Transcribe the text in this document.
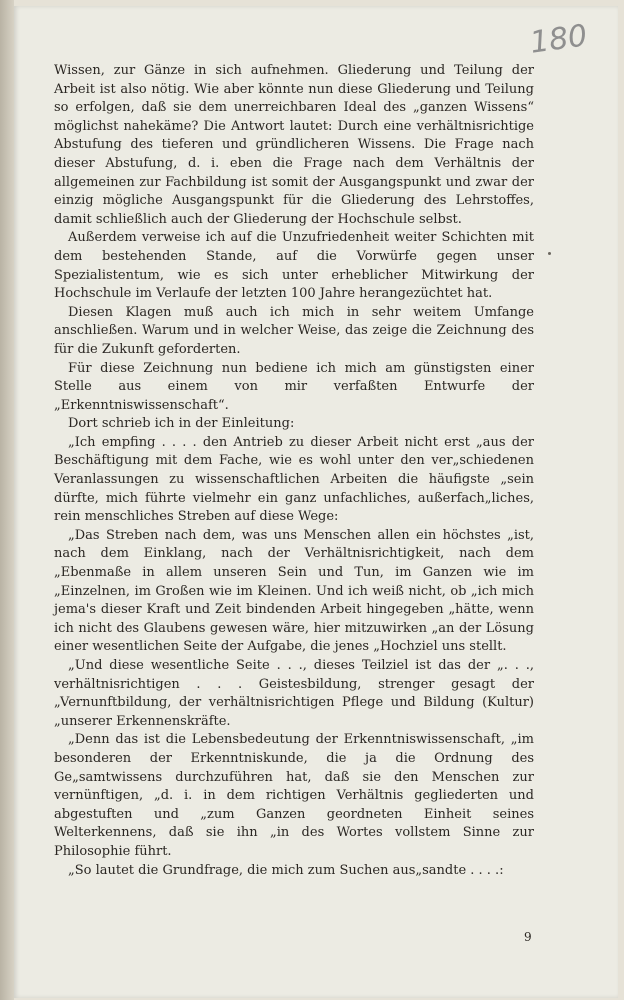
180

Wissen, zur Gänze in sich aufnehmen. Gliederung und Teilung der Arbeit ist also nötig. Wie aber könnte nun diese Gliederung und Teilung so erfolgen, daß sie dem unerreichbaren Ideal des „ganzen Wissens“ möglichst nahekäme? Die Antwort lautet: Durch eine verhältnisrichtige Abstufung des tieferen und gründlicheren Wissens. Die Frage nach dieser Abstufung, d. i. eben die Frage nach dem Verhältnis der allgemeinen zur Fachbildung ist somit der Ausgangspunkt und zwar der einzig mögliche Ausgangspunkt für die Gliederung des Lehrstoffes, damit schließlich auch der Gliederung der Hochschule selbst.

Außerdem verweise ich auf die Unzufriedenheit weiter Schichten mit dem bestehenden Stande, auf die Vorwürfe gegen unser Spezialistentum, wie es sich unter erheblicher Mitwirkung der Hochschule im Verlaufe der letzten 100 Jahre herangezüchtet hat.

Diesen Klagen muß auch ich mich in sehr weitem Umfange anschließen. Warum und in welcher Weise, das zeige die Zeichnung des für die Zukunft geforderten.

Für diese Zeichnung nun bediene ich mich am günstigsten einer Stelle aus einem von mir verfaßten Entwurfe der „Erkenntniswissenschaft“.

Dort schrieb ich in der Einleitung:

„Ich empfing . . . . den Antrieb zu dieser Arbeit nicht erst „aus der Beschäftigung mit dem Fache, wie es wohl unter den ver„schiedenen Veranlassungen zu wissenschaftlichen Arbeiten die häufigste „sein dürfte, mich führte vielmehr ein ganz unfachliches, außerfach„liches, rein menschliches Streben auf diese Wege:

„Das Streben nach dem, was uns Menschen allen ein höchstes „ist, nach dem Einklang, nach der Verhältnisrichtigkeit, nach dem „Ebenmaße in allem unseren Sein und Tun, im Ganzen wie im „Einzelnen, im Großen wie im Kleinen. Und ich weiß nicht, ob „ich mich jema's dieser Kraft und Zeit bindenden Arbeit hingegeben „hätte, wenn ich nicht des Glaubens gewesen wäre, hier mitzuwirken „an der Lösung einer wesentlichen Seite der Aufgabe, die jenes „Hochziel uns stellt.

„Und diese wesentliche Seite . . ., dieses Teilziel ist das der „. . ., verhältnisrichtigen . . . Geistesbildung, strenger gesagt der „Vernunftbildung, der verhältnisrichtigen Pflege und Bildung (Kultur) „unserer Erkennenskräfte.

„Denn das ist die Lebensbedeutung der Erkenntniswissenschaft, „im besonderen der Erkenntniskunde, die ja die Ordnung des Ge„samtwissens durchzuführen hat, daß sie den Menschen zur vernünftigen, „d. i. in dem richtigen Verhältnis gegliederten und abgestuften und „zum Ganzen geordneten Einheit seines Welterkennens, daß sie ihn „in des Wortes vollstem Sinne zur Philosophie führt.

„So lautet die Grundfrage, die mich zum Suchen aus„sandte . . . .:

9
